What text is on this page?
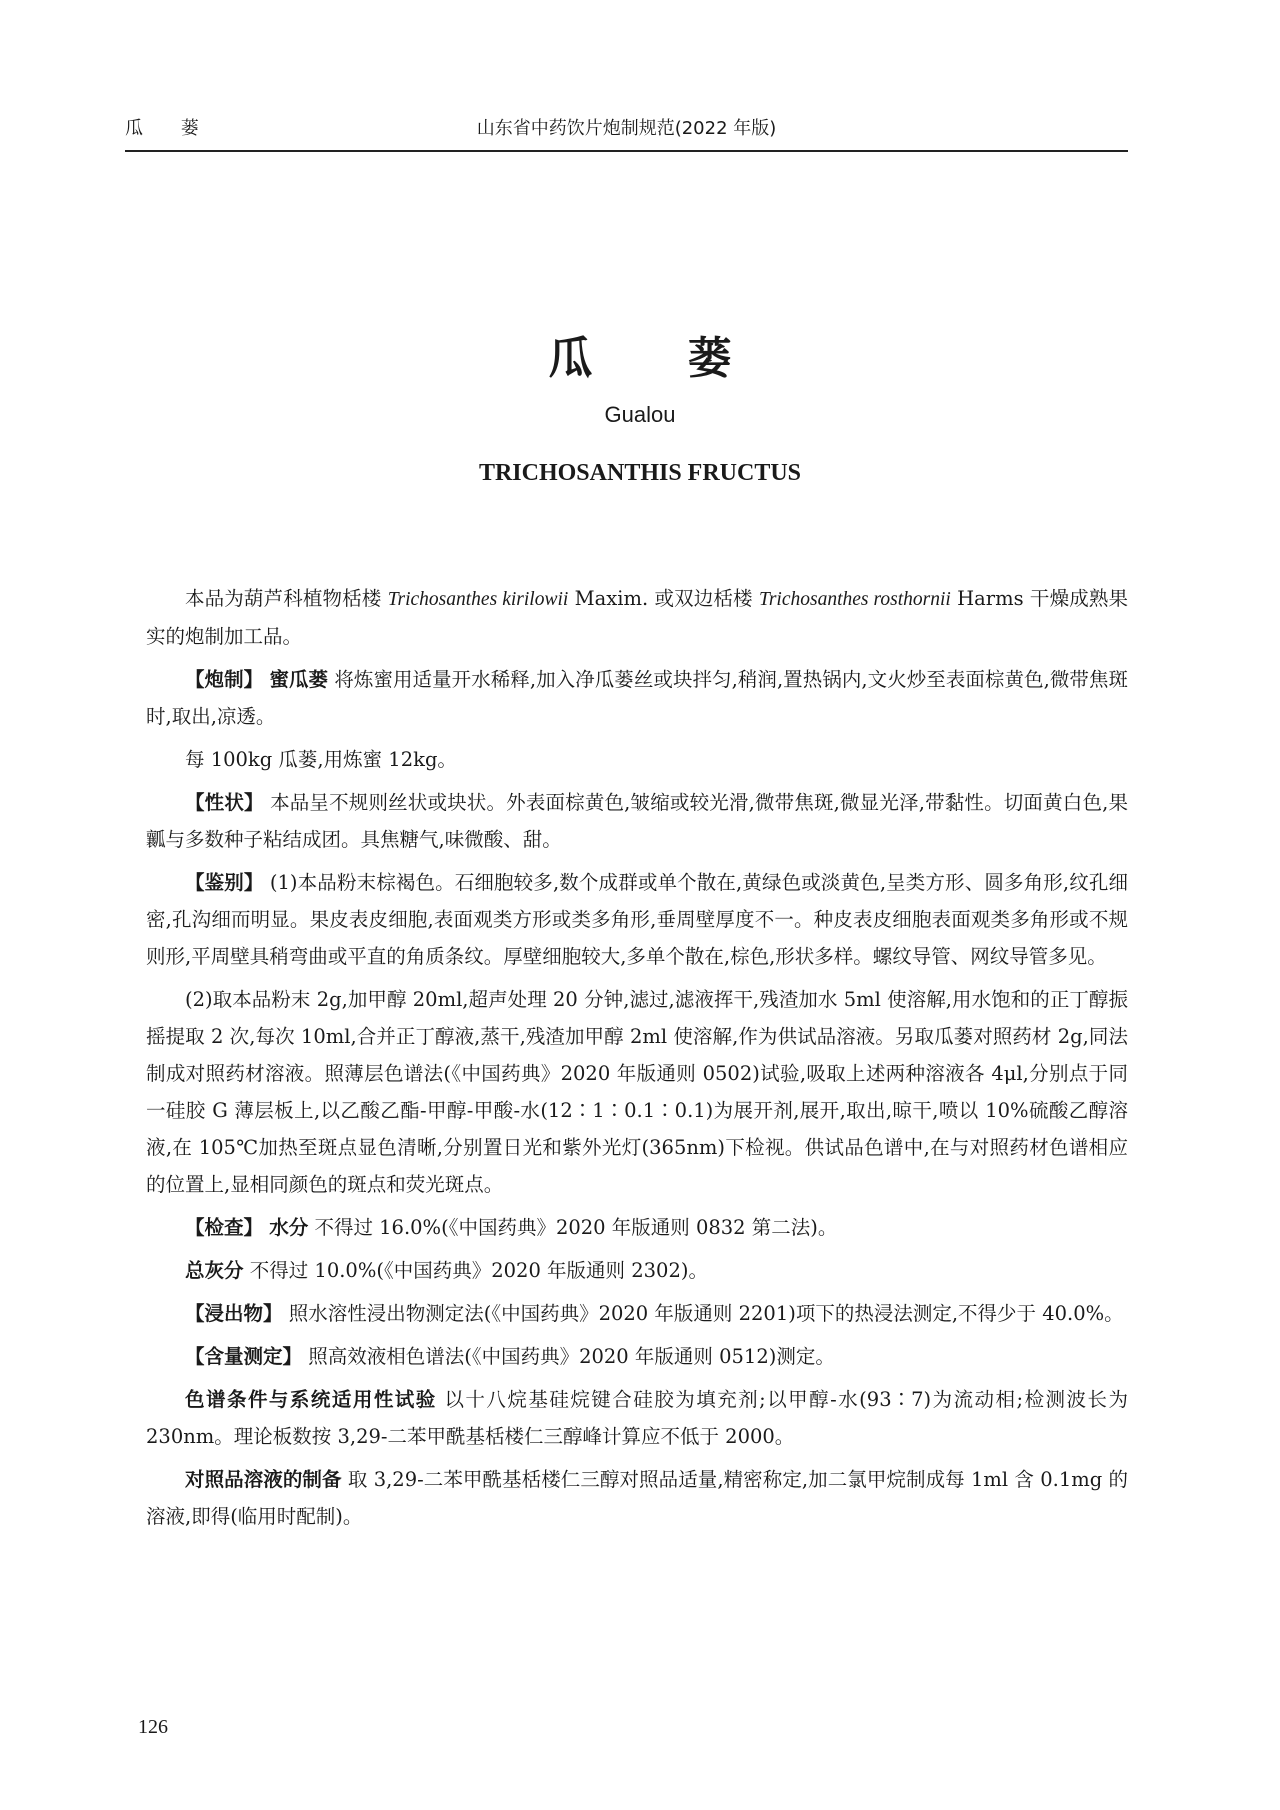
瓜 蒌	山东省中药饮片炮制规范(2022 年版)
瓜 蒌
Gualou
TRICHOSANTHIS FRUCTUS

本品为葫芦科植物栝楼 Trichosanthes kirilowii Maxim. 或双边栝楼 Trichosanthes rosthornii Harms 干燥成熟果实的炮制加工品。

【炮制】 蜜瓜蒌 将炼蜜用适量开水稀释,加入净瓜蒌丝或块拌匀,稍润,置热锅内,文火炒至表面棕黄色,微带焦斑时,取出,凉透。

每 100kg 瓜蒌,用炼蜜 12kg。

【性状】 本品呈不规则丝状或块状。外表面棕黄色,皱缩或较光滑,微带焦斑,微显光泽,带黏性。切面黄白色,果瓤与多数种子粘结成团。具焦糖气,味微酸、甜。

【鉴别】 (1)本品粉末棕褐色。石细胞较多,数个成群或单个散在,黄绿色或淡黄色,呈类方形、圆多角形,纹孔细密,孔沟细而明显。果皮表皮细胞,表面观类方形或类多角形,垂周壁厚度不一。种皮表皮细胞表面观类多角形或不规则形,平周壁具稍弯曲或平直的角质条纹。厚壁细胞较大,多单个散在,棕色,形状多样。螺纹导管、网纹导管多见。

(2)取本品粉末 2g,加甲醇 20ml,超声处理 20 分钟,滤过,滤液挥干,残渣加水 5ml 使溶解,用水饱和的正丁醇振摇提取 2 次,每次 10ml,合并正丁醇液,蒸干,残渣加甲醇 2ml 使溶解,作为供试品溶液。另取瓜蒌对照药材 2g,同法制成对照药材溶液。照薄层色谱法(《中国药典》2020 年版通则 0502)试验,吸取上述两种溶液各 4μl,分别点于同一硅胶 G 薄层板上,以乙酸乙酯-甲醇-甲酸-水(12∶1∶0.1∶0.1)为展开剂,展开,取出,晾干,喷以 10%硫酸乙醇溶液,在 105℃加热至斑点显色清晰,分别置日光和紫外光灯(365nm)下检视。供试品色谱中,在与对照药材色谱相应的位置上,显相同颜色的斑点和荧光斑点。

【检查】 水分 不得过 16.0%(《中国药典》2020 年版通则 0832 第二法)。

总灰分 不得过 10.0%(《中国药典》2020 年版通则 2302)。

【浸出物】 照水溶性浸出物测定法(《中国药典》2020 年版通则 2201)项下的热浸法测定,不得少于 40.0%。

【含量测定】 照高效液相色谱法(《中国药典》2020 年版通则 0512)测定。

色谱条件与系统适用性试验 以十八烷基硅烷键合硅胶为填充剂;以甲醇-水(93∶7)为流动相;检测波长为 230nm。理论板数按 3,29-二苯甲酰基栝楼仁三醇峰计算应不低于 2000。

对照品溶液的制备 取 3,29-二苯甲酰基栝楼仁三醇对照品适量,精密称定,加二氯甲烷制成每 1ml 含 0.1mg 的溶液,即得(临用时配制)。

126
